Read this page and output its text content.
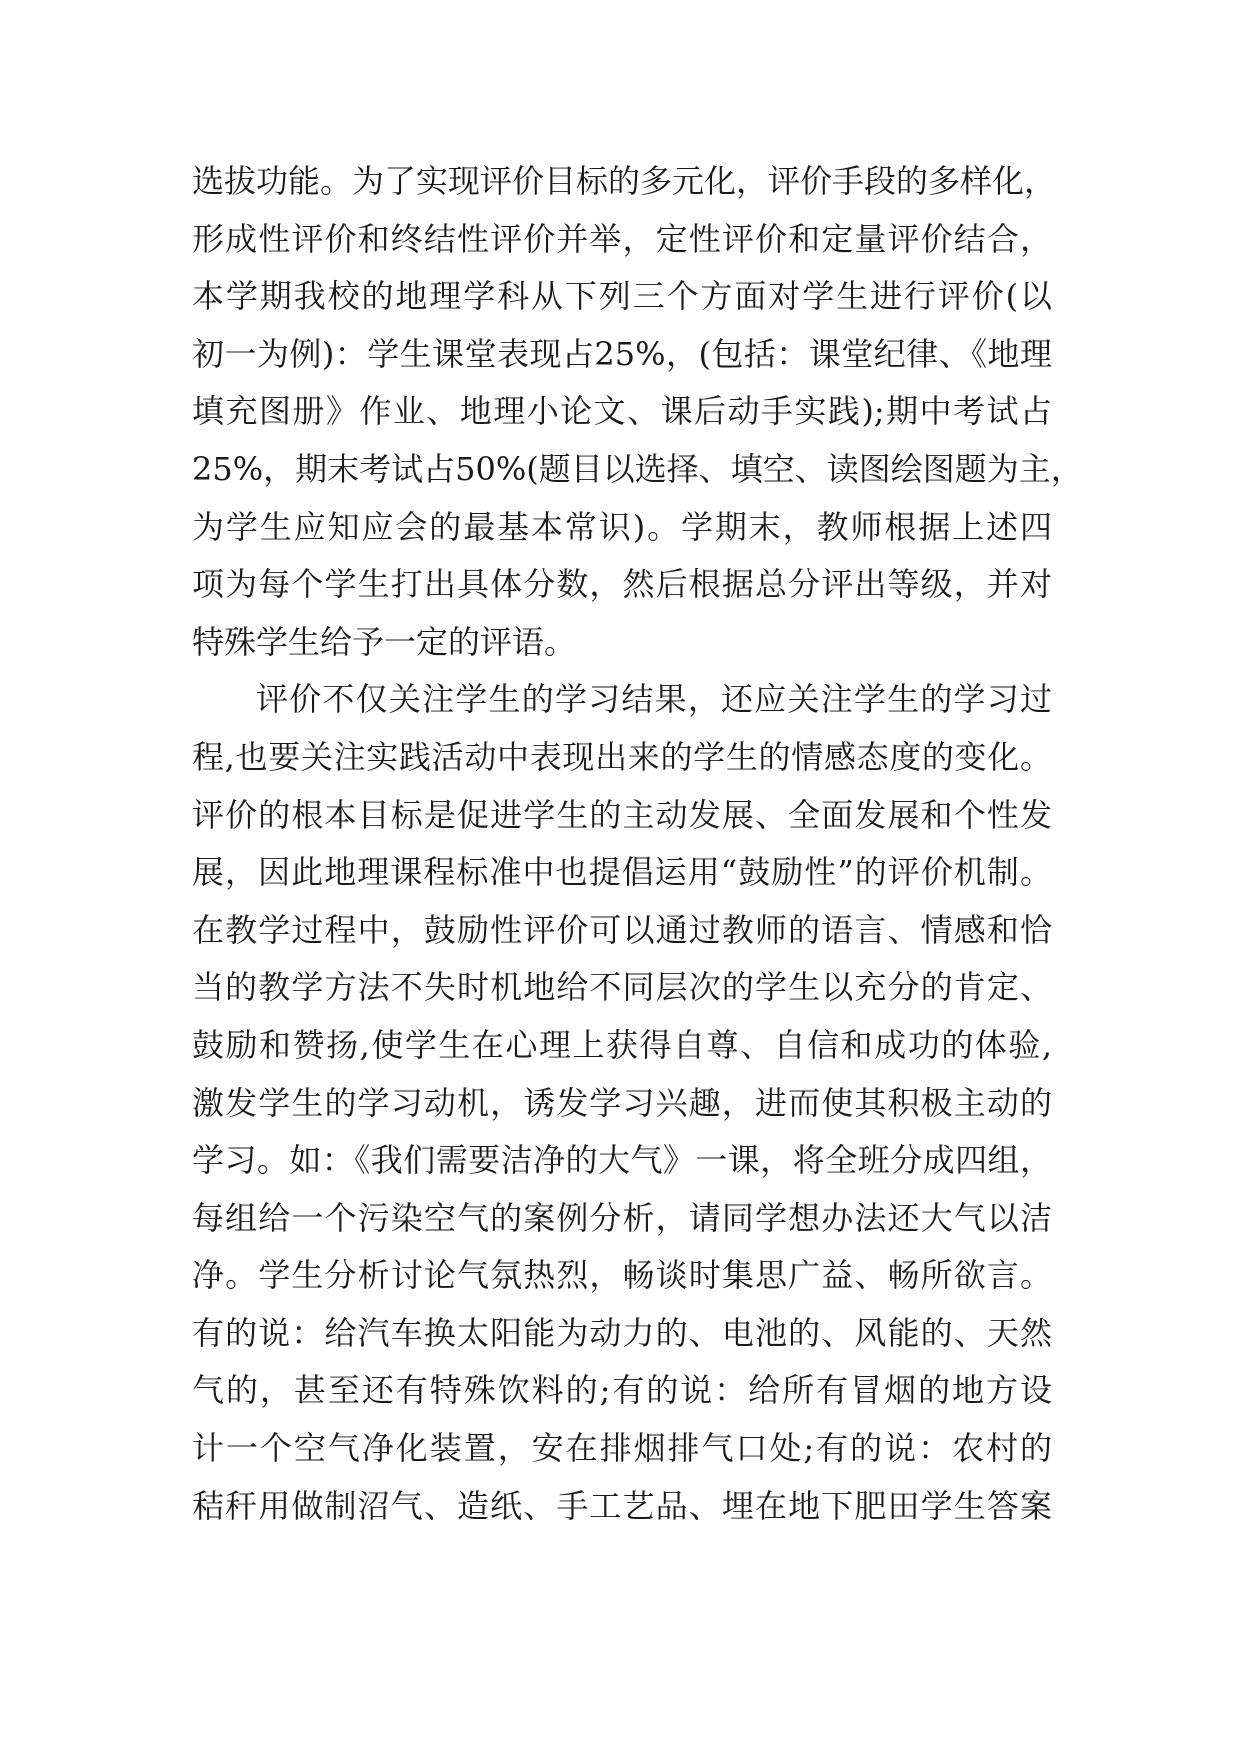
选拔功能。为了实现评价目标的多元化，评价手段的多样化，
形成性评价和终结性评价并举，定性评价和定量评价结合，
本学期我校的地理学科从下列三个方面对学生进行评价(以
初一为例)：学生课堂表现占25%，(包括：课堂纪律、《地理
填充图册》作业、地理小论文、课后动手实践);期中考试占
25%，期末考试占50%(题目以选择、填空、读图绘图题为主，
为学生应知应会的最基本常识)。学期末，教师根据上述四
项为每个学生打出具体分数，然后根据总分评出等级，并对
特殊学生给予一定的评语。
评价不仅关注学生的学习结果，还应关注学生的学习过
程,也要关注实践活动中表现出来的学生的情感态度的变化。
评价的根本目标是促进学生的主动发展、全面发展和个性发
展，因此地理课程标准中也提倡运用“鼓励性”的评价机制。
在教学过程中，鼓励性评价可以通过教师的语言、情感和恰
当的教学方法不失时机地给不同层次的学生以充分的肯定、
鼓励和赞扬,使学生在心理上获得自尊、自信和成功的体验,
激发学生的学习动机，诱发学习兴趣，进而使其积极主动的
学习。如：《我们需要洁净的大气》一课，将全班分成四组，
每组给一个污染空气的案例分析，请同学想办法还大气以洁
净。学生分析讨论气氛热烈，畅谈时集思广益、畅所欲言。
有的说：给汽车换太阳能为动力的、电池的、风能的、天然
气的，甚至还有特殊饮料的;有的说：给所有冒烟的地方设
计一个空气净化装置，安在排烟排气口处;有的说：农村的
秸秆用做制沼气、造纸、手工艺品、埋在地下肥田学生答案
